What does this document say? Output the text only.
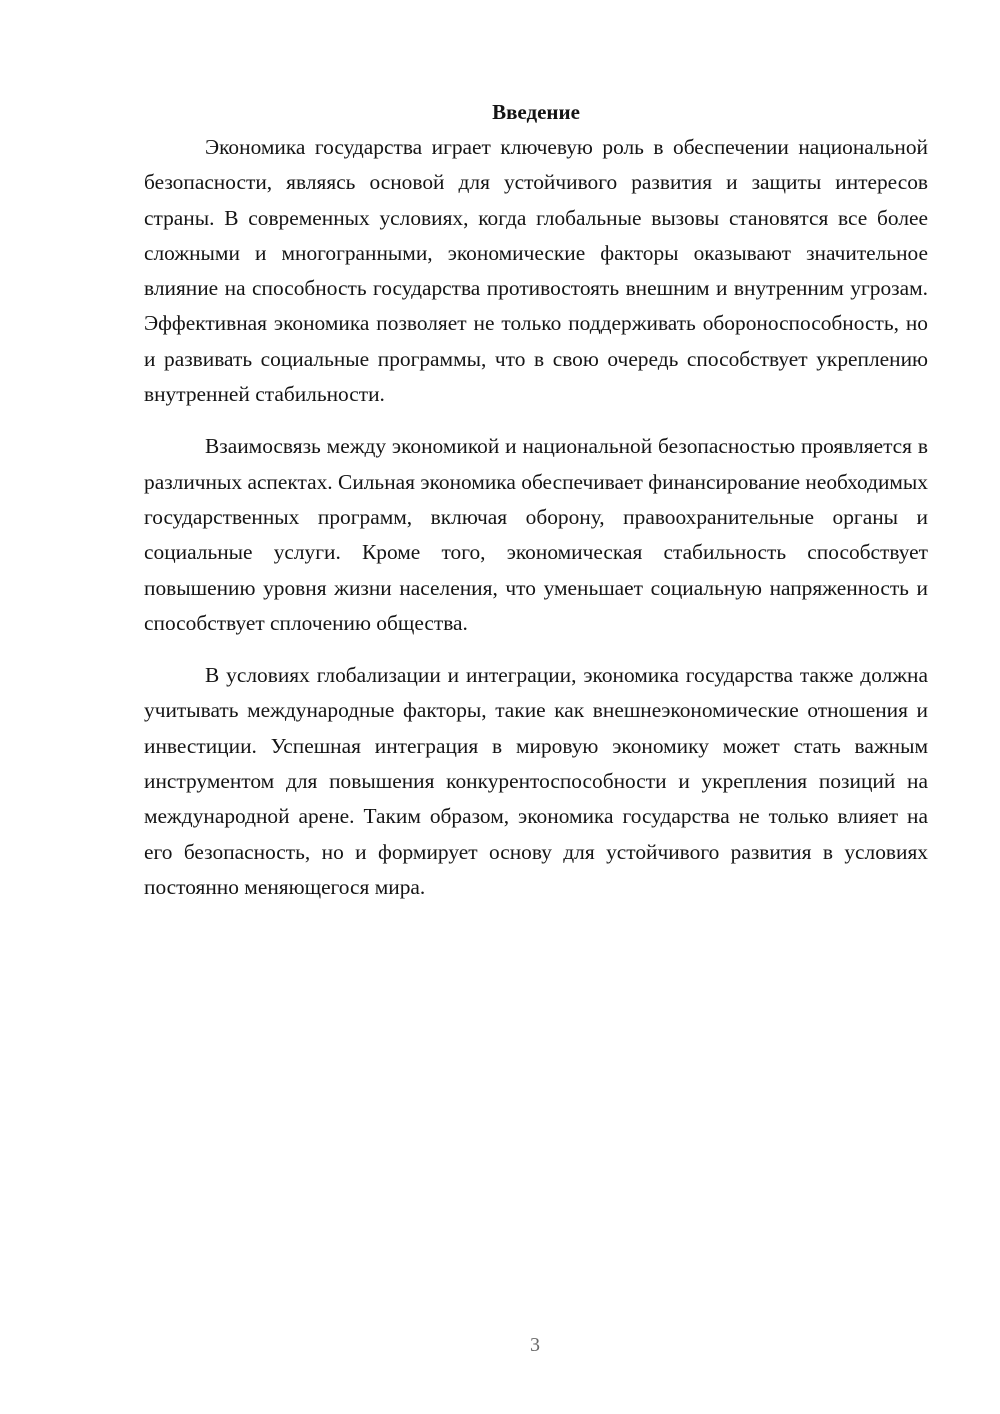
Введение

Экономика государства играет ключевую роль в обеспечении национальной безопасности, являясь основой для устойчивого развития и защиты интересов страны. В современных условиях, когда глобальные вызовы становятся все более сложными и многогранными, экономические факторы оказывают значительное влияние на способность государства противостоять внешним и внутренним угрозам. Эффективная экономика позволяет не только поддерживать обороноспособность, но и развивать социальные программы, что в свою очередь способствует укреплению внутренней стабильности.

Взаимосвязь между экономикой и национальной безопасностью проявляется в различных аспектах. Сильная экономика обеспечивает финансирование необходимых государственных программ, включая оборону, правоохранительные органы и социальные услуги. Кроме того, экономическая стабильность способствует повышению уровня жизни населения, что уменьшает социальную напряженность и способствует сплочению общества.

В условиях глобализации и интеграции, экономика государства также должна учитывать международные факторы, такие как внешнеэкономические отношения и инвестиции. Успешная интеграция в мировую экономику может стать важным инструментом для повышения конкурентоспособности и укрепления позиций на международной арене. Таким образом, экономика государства не только влияет на его безопасность, но и формирует основу для устойчивого развития в условиях постоянно меняющегося мира.

3
